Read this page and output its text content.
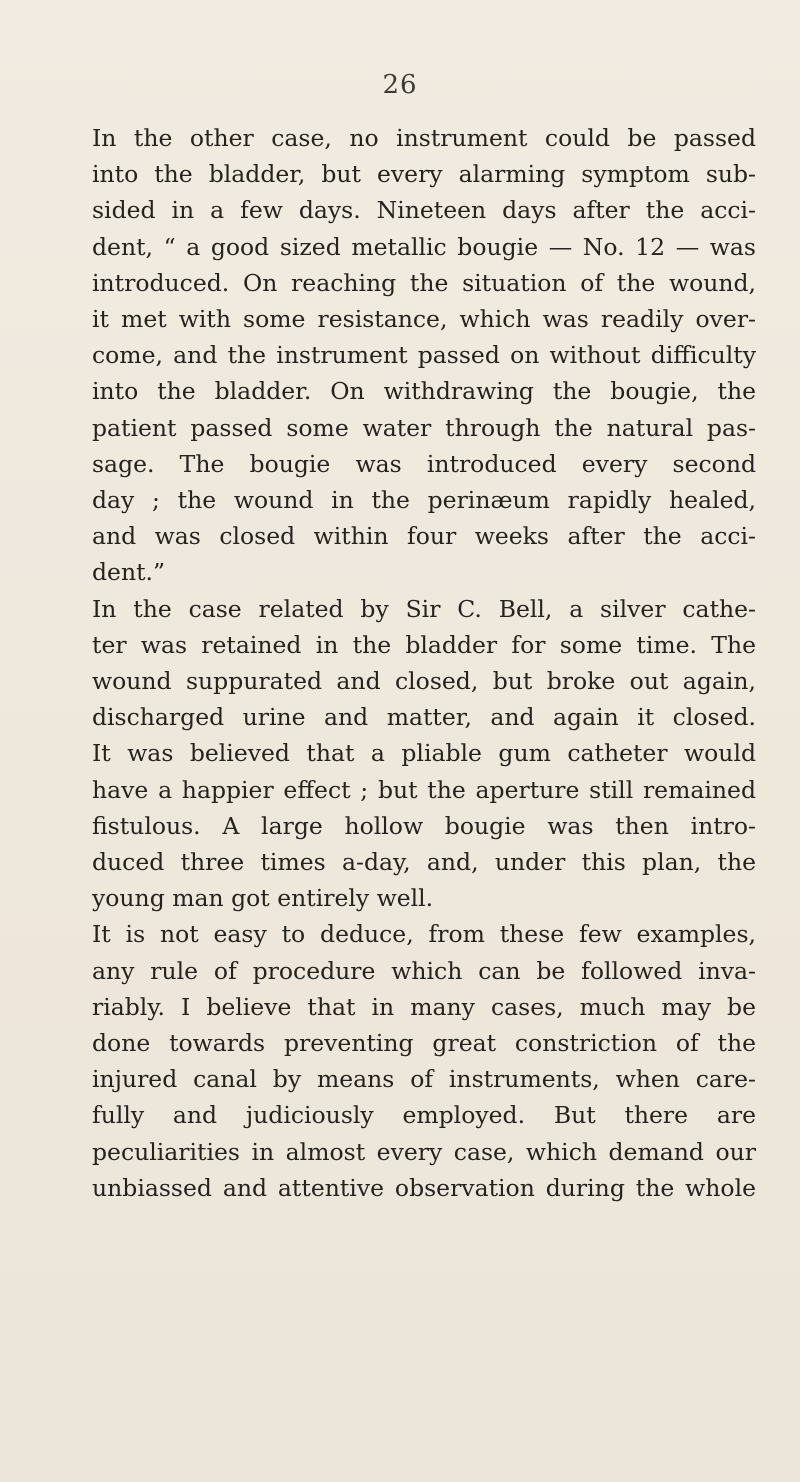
26
In the other case, no instrument could be passed
into the bladder, but every alarming symptom sub-
sided in a few days. Nineteen days after the acci-
dent, “ a good sized metallic bougie — No. 12 — was
introduced. On reaching the situation of the wound,
it met with some resistance, which was readily over-
come, and the instrument passed on without difficulty
into the bladder. On withdrawing the bougie, the
patient passed some water through the natural pas-
sage. The bougie was introduced every second
day ; the wound in the perinæum rapidly healed,
and was closed within four weeks after the acci-
dent.”
In the case related by Sir C. Bell, a silver cathe-
ter was retained in the bladder for some time. The
wound suppurated and closed, but broke out again,
discharged urine and matter, and again it closed.
It was believed that a pliable gum catheter would
have a happier effect ; but the aperture still remained
fistulous. A large hollow bougie was then intro-
duced three times a-day, and, under this plan, the
young man got entirely well.
It is not easy to deduce, from these few examples,
any rule of procedure which can be followed inva-
riably. I believe that in many cases, much may be
done towards preventing great constriction of the
injured canal by means of instruments, when care-
fully and judiciously employed. But there are
peculiarities in almost every case, which demand our
unbiassed and attentive observation during the whole
